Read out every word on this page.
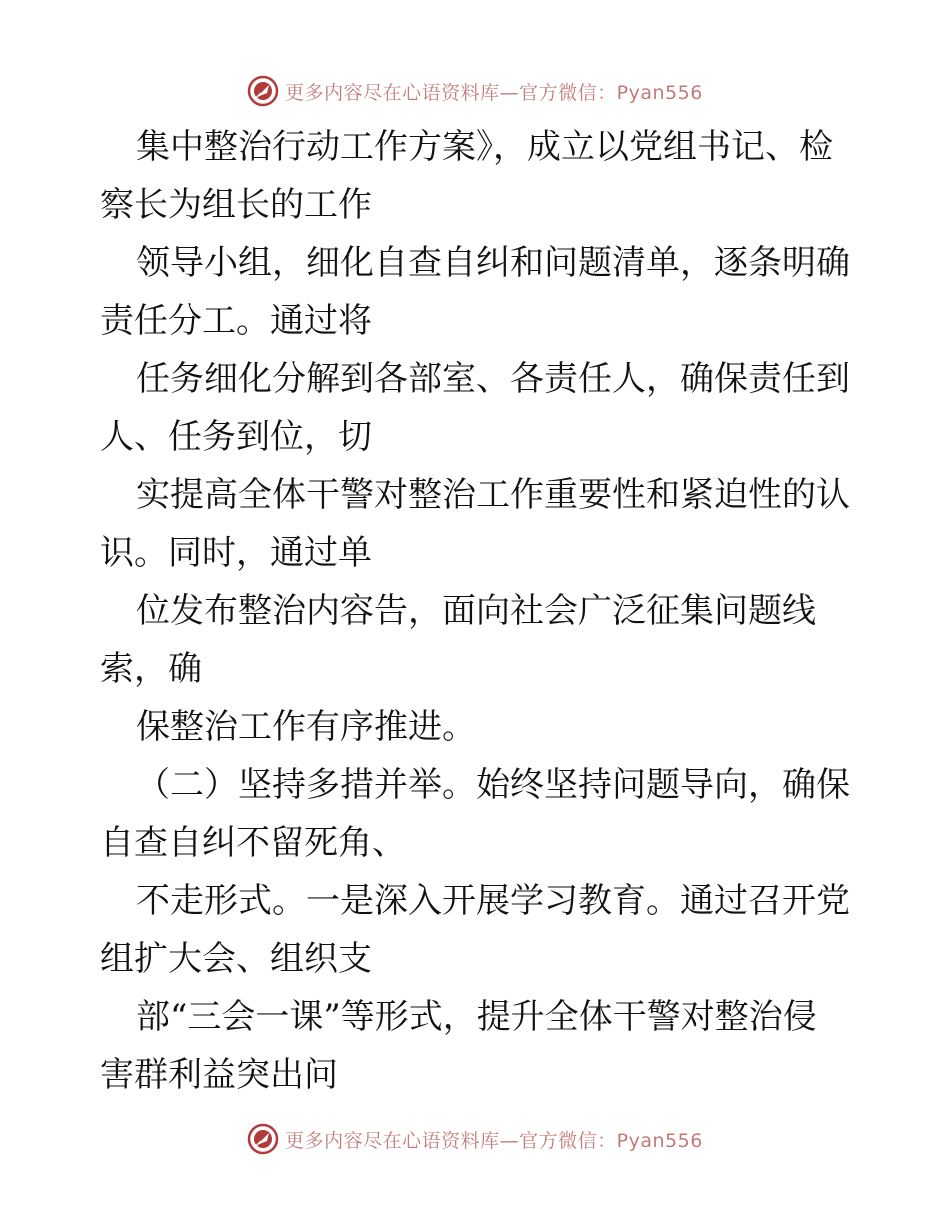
更多内容尽在心语资料库—官方微信：Pyan556
集中整治行动工作方案》，成立以党组书记、检
察长为组长的工作
领导小组，细化自查自纠和问题清单，逐条明确
责任分工。通过将
任务细化分解到各部室、各责任人，确保责任到
人、任务到位，切
实提高全体干警对整治工作重要性和紧迫性的认
识。同时，通过单
位发布整治内容告，面向社会广泛征集问题线
索，确
保整治工作有序推进。
（二）坚持多措并举。始终坚持问题导向，确保
自查自纠不留死角、
不走形式。一是深入开展学习教育。通过召开党
组扩大会、组织支
部“三会一课”等形式，提升全体干警对整治侵
害群利益突出问
更多内容尽在心语资料库—官方微信：Pyan556
